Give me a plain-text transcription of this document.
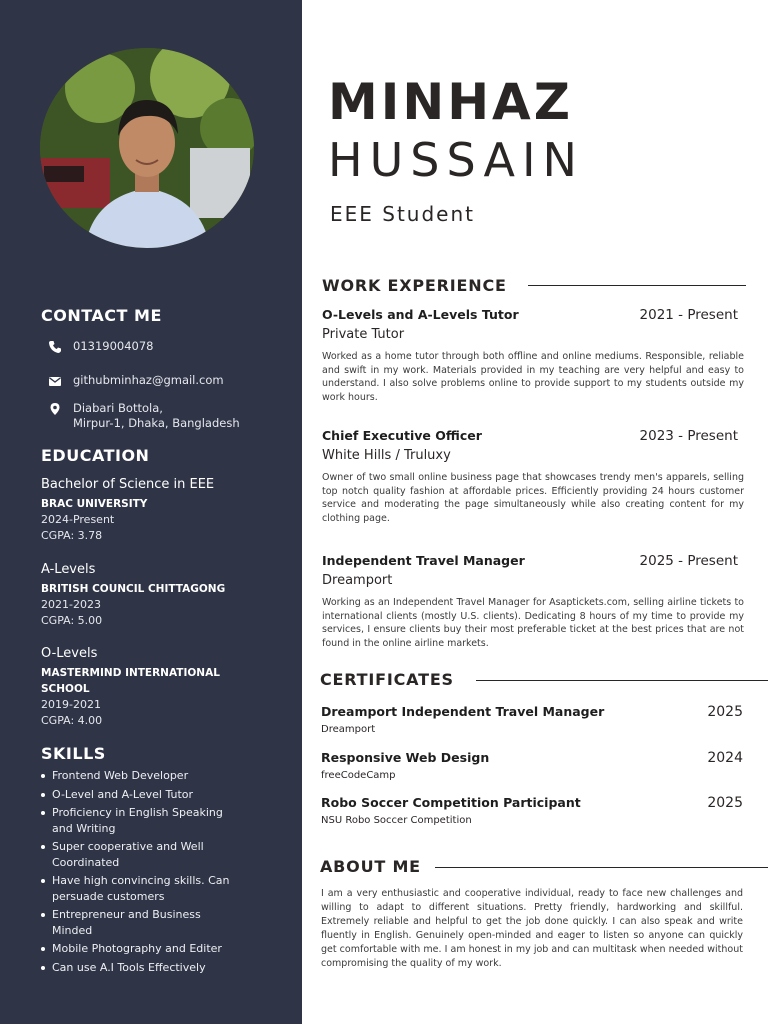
CONTACT ME
01319004078
githubminhaz@gmail.com
Diabari Bottola,
Mirpur-1, Dhaka, Bangladesh
EDUCATION
Bachelor of Science in EEE
BRAC UNIVERSITY
2024-Present
CGPA: 3.78
A-Levels
BRITISH COUNCIL CHITTAGONG
2021-2023
CGPA: 5.00
O-Levels
MASTERMIND INTERNATIONAL SCHOOL
2019-2021
CGPA: 4.00
SKILLS
Frontend Web Developer
O-Level and A-Level Tutor
Proficiency in English Speaking and Writing
Super cooperative and Well Coordinated
Have high convincing skills. Can persuade customers
Entrepreneur and Business Minded
Mobile Photography and Editer
Can use A.I Tools Effectively
MINHAZ
HUSSAIN
EEE Student
WORK EXPERIENCE
O-Levels and A-Levels Tutor	2021 - Present
Private Tutor
Worked as a home tutor through both offline and online mediums. Responsible, reliable and swift in my work. Materials provided in my teaching are very helpful and easy to understand. I also solve problems online to provide support to my students outside my work hours.
Chief Executive Officer	2023 - Present
White Hills / Truluxy
Owner of two small online business page that showcases trendy men's apparels, selling top notch quality fashion at affordable prices. Efficiently providing 24 hours customer service and moderating the page simultaneously while also creating content for my clothing page.
Independent Travel Manager	2025 - Present
Dreamport
Working as an Independent Travel Manager for Asaptickets.com, selling airline tickets to international clients (mostly U.S. clients). Dedicating 8 hours of my time to provide my services, I ensure clients buy their most preferable ticket at the best prices that are not found in the online airline markets.
CERTIFICATES
Dreamport Independent Travel Manager	2025
Dreamport
Responsive Web Design	2024
freeCodeCamp
Robo Soccer Competition Participant	2025
NSU Robo Soccer Competition
ABOUT ME
I am a very enthusiastic and cooperative individual, ready to face new challenges and willing to adapt to different situations. Pretty friendly, hardworking and skillful. Extremely reliable and helpful to get the job done quickly. I can also speak and write fluently in English. Genuinely open-minded and eager to listen so anyone can quickly get comfortable with me. I am honest in my job and can multitask when needed without compromising the quality of my work.
